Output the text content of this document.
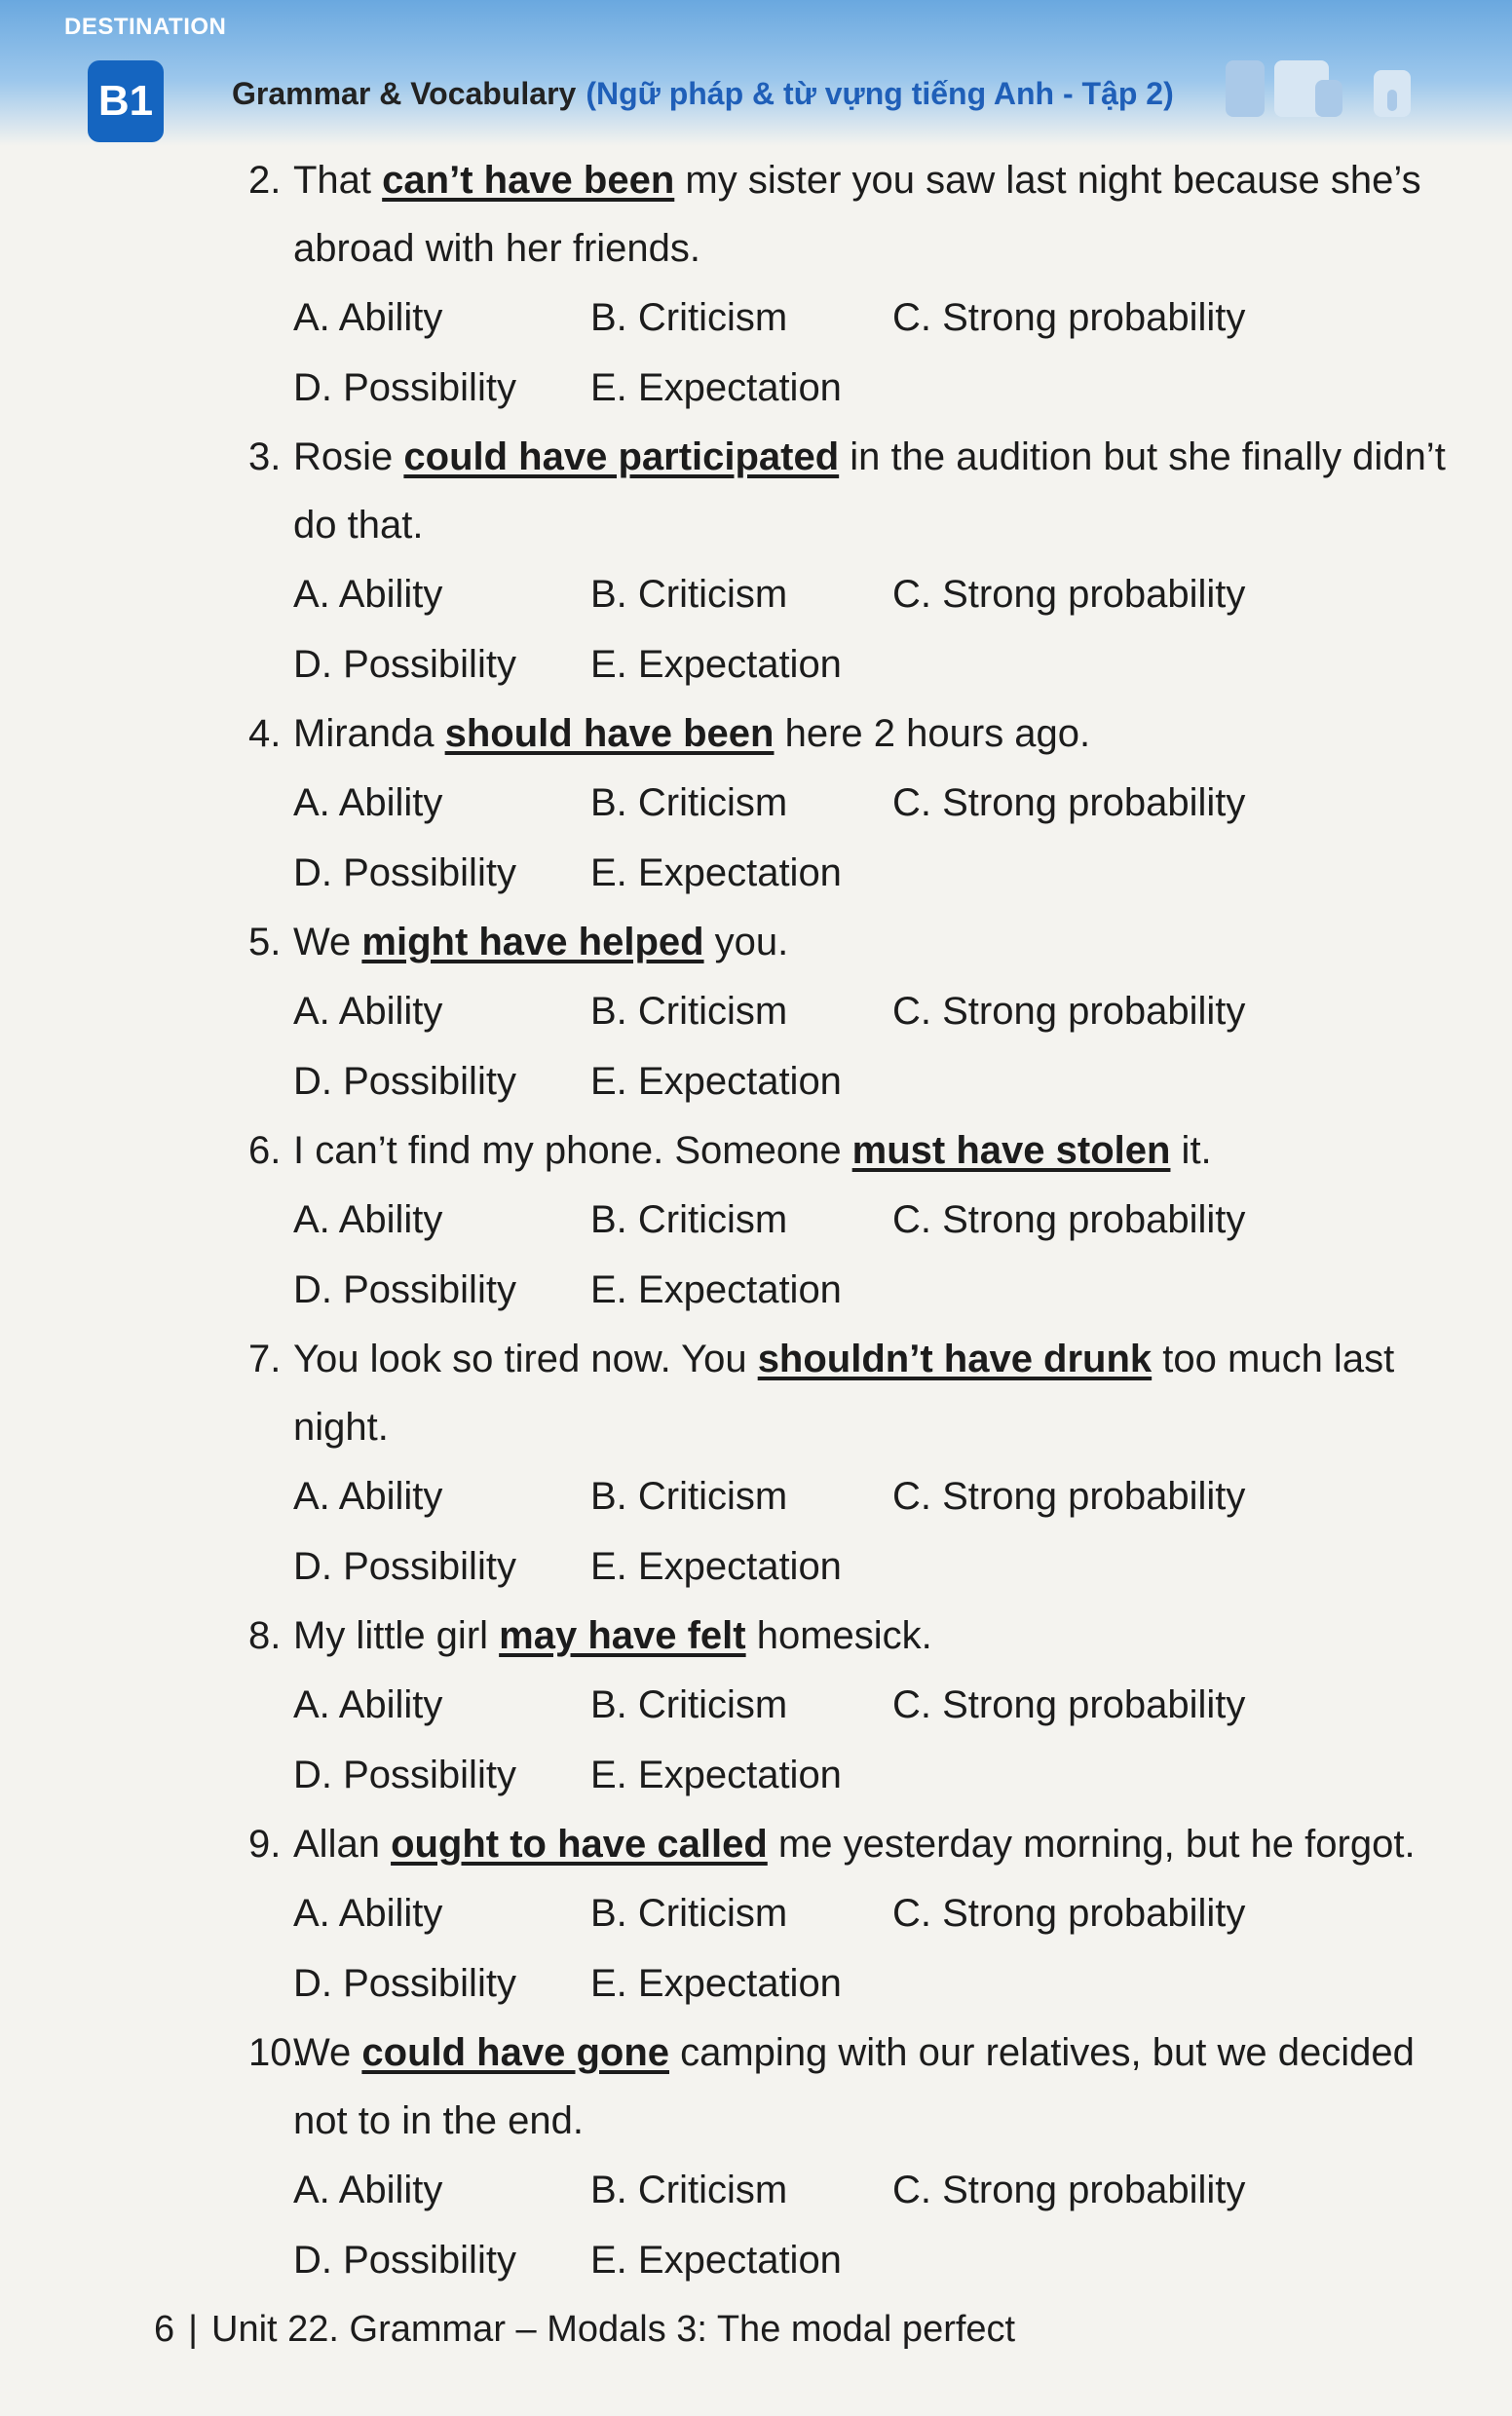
DESTINATION
B1	Grammar & Vocabulary (Ngữ pháp & từ vựng tiếng Anh - Tập 2)

2. That can’t have been my sister you saw last night because she’s abroad with her friends.

A. Ability	B. Criticism	C. Strong probability
D. Possibility	E. Expectation

3. Rosie could have participated in the audition but she finally didn’t do that.

A. Ability	B. Criticism	C. Strong probability
D. Possibility	E. Expectation

4. Miranda should have been here 2 hours ago.

A. Ability	B. Criticism	C. Strong probability
D. Possibility	E. Expectation

5. We might have helped you.

A. Ability	B. Criticism	C. Strong probability
D. Possibility	E. Expectation

6. I can’t find my phone. Someone must have stolen it.

A. Ability	B. Criticism	C. Strong probability
D. Possibility	E. Expectation

7. You look so tired now. You shouldn’t have drunk too much last night.

A. Ability	B. Criticism	C. Strong probability
D. Possibility	E. Expectation

8. My little girl may have felt homesick.

A. Ability	B. Criticism	C. Strong probability
D. Possibility	E. Expectation

9. Allan ought to have called me yesterday morning, but he forgot.

A. Ability	B. Criticism	C. Strong probability
D. Possibility	E. Expectation

10.We could have gone camping with our relatives, but we decided not to in the end.

A. Ability	B. Criticism	C. Strong probability
D. Possibility	E. Expectation
6 | Unit 22. Grammar – Modals 3: The modal perfect
